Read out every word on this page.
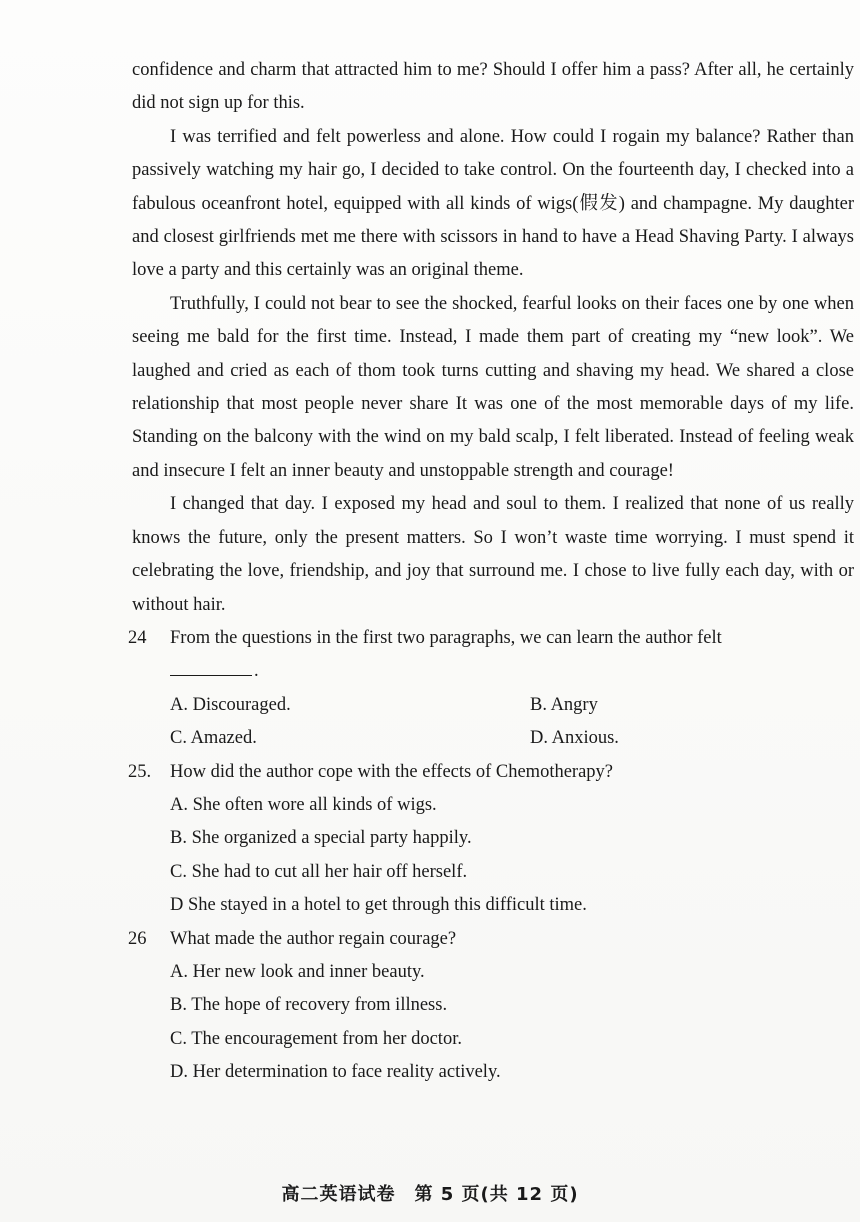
confidence and charm that attracted him to me? Should I offer him a pass? After all, he certainly did not sign up for this.

I was terrified and felt powerless and alone. How could I rogain my balance? Rather than passively watching my hair go, I decided to take control. On the fourteenth day, I checked into a fabulous oceanfront hotel, equipped with all kinds of wigs(假发) and champagne. My daughter and closest girlfriends met me there with scissors in hand to have a Head Shaving Party. I always love a party and this certainly was an original theme.

Truthfully, I could not bear to see the shocked, fearful looks on their faces one by one when seeing me bald for the first time. Instead, I made them part of creating my “new look”. We laughed and cried as each of thom took turns cutting and shaving my head. We shared a close relationship that most people never share It was one of the most memorable days of my life. Standing on the balcony with the wind on my bald scalp, I felt liberated. Instead of feeling weak and insecure I felt an inner beauty and unstoppable strength and courage!

I changed that day. I exposed my head and soul to them. I realized that none of us really knows the future, only the present matters. So I won’t waste time worrying. I must spend it celebrating the love, friendship, and joy that surround me. I chose to live fully each day, with or without hair.

24 From the questions in the first two paragraphs, we can learn the author felt
.
A. Discouraged.	B. Angry
C. Amazed.	D. Anxious.
25. How did the author cope with the effects of Chemotherapy?

A. She often wore all kinds of wigs.

B. She organized a special party happily.

C. She had to cut all her hair off herself.

D She stayed in a hotel to get through this difficult time.

26 What made the author regain courage?

A. Her new look and inner beauty.

B. The hope of recovery from illness.

C. The encouragement from her doctor.

D. Her determination to face reality actively.

高二英语试卷　第 5 页(共 12 页)
